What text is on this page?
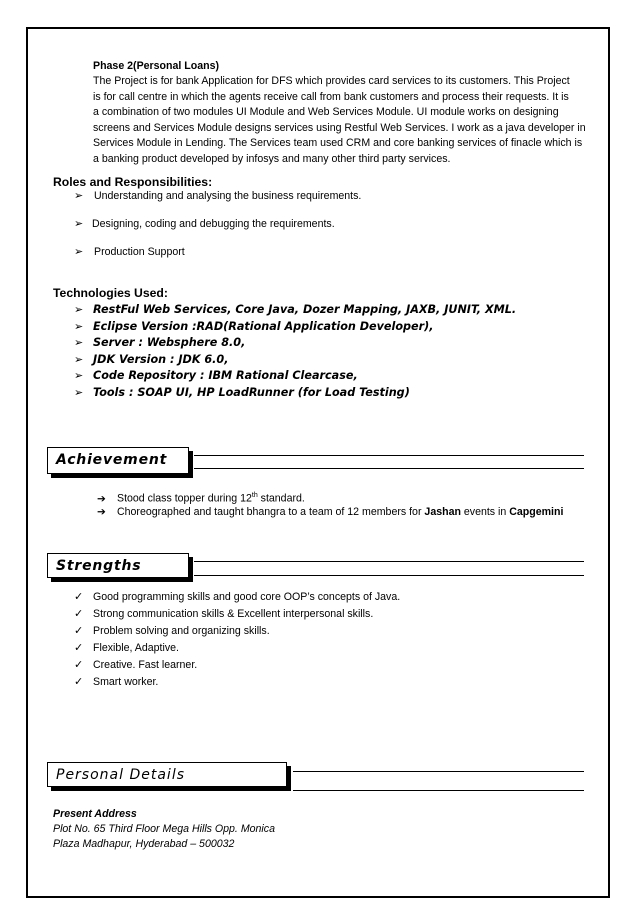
Phase 2(Personal Loans)
The Project is for bank Application for DFS which provides card services to its customers. This Project
is for call centre in which the agents receive call from bank customers and process their requests. It is
a combination of two modules UI Module and Web Services Module. UI module works on designing
screens and Services Module designs services using Restful Web Services. I work as a java developer in
Services Module in Lending. The Services team used CRM and core banking services of finacle which is
a banking product developed by infosys and many other third party services.
Roles and Responsibilities:
➢	Understanding and analysing the business requirements.
➢ Designing, coding and debugging the requirements.
➢	Production Support
Technologies Used:
➢ RestFul Web Services, Core Java, Dozer Mapping, JAXB, JUNIT, XML.
➢ Eclipse Version :RAD(Rational Application Developer),
➢ Server : Websphere 8.0,
➢ JDK Version : JDK 6.0,
➢ Code Repository : IBM Rational Clearcase,
➢ Tools : SOAP UI, HP LoadRunner (for Load Testing)
Achievement
➔ Stood class topper during 12th standard.
➔ Choreographed and taught bhangra to a team of 12 members for Jashan events in Capgemini
Strengths
✓ Good programming skills and good core OOP’s concepts of Java.
✓ Strong communication skills & Excellent interpersonal skills.
✓ Problem solving and organizing skills.
✓ Flexible, Adaptive.
✓ Creative. Fast learner.
✓ Smart worker.
Personal Details
Present Address
Plot No. 65 Third Floor Mega Hills Opp. Monica
Plaza Madhapur, Hyderabad – 500032
